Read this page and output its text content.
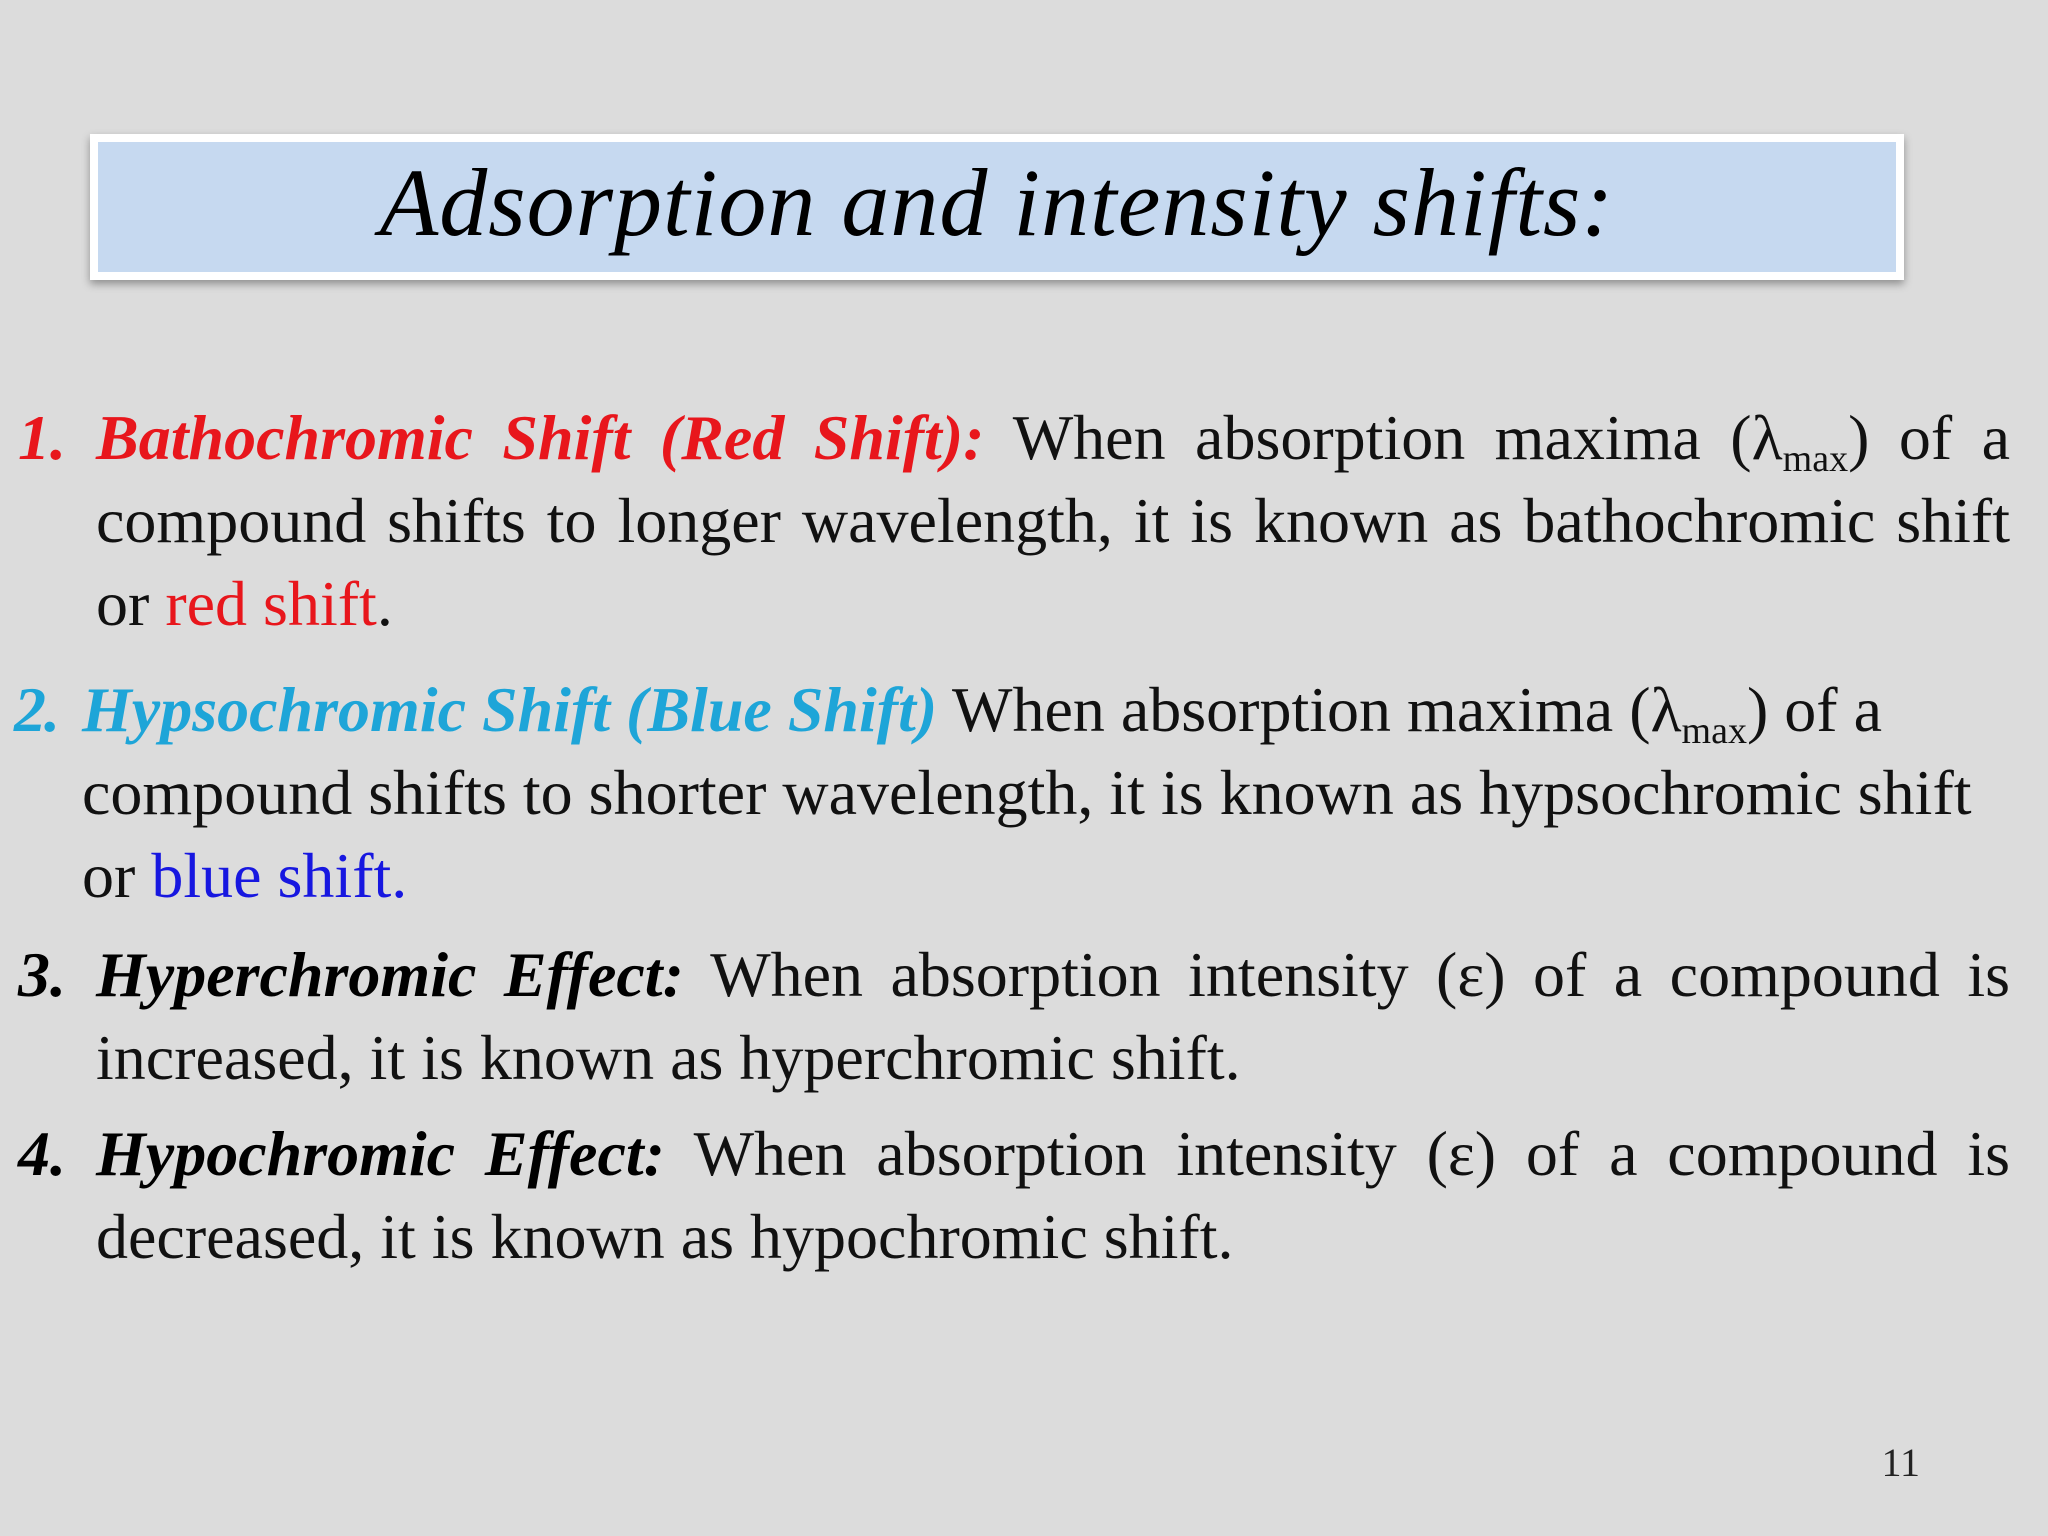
Adsorption and intensity shifts:
1. Bathochromic Shift (Red Shift): When absorption maxima $(\lambda_{max})$ of a compound shifts to longer wavelength, it is known as bathochromic shift or red shift.
2. Hypsochromic Shift (Blue Shift) When absorption maxima $(\lambda_{max})$ of a compound shifts to shorter wavelength, it is known as hypsochromic shift or blue shift.
3. Hyperchromic Effect: When absorption intensity (ε) of a compound is increased, it is known as hyperchromic shift.
4. Hypochromic Effect: When absorption intensity (ε) of a compound is decreased, it is known as hypochromic shift.
11
